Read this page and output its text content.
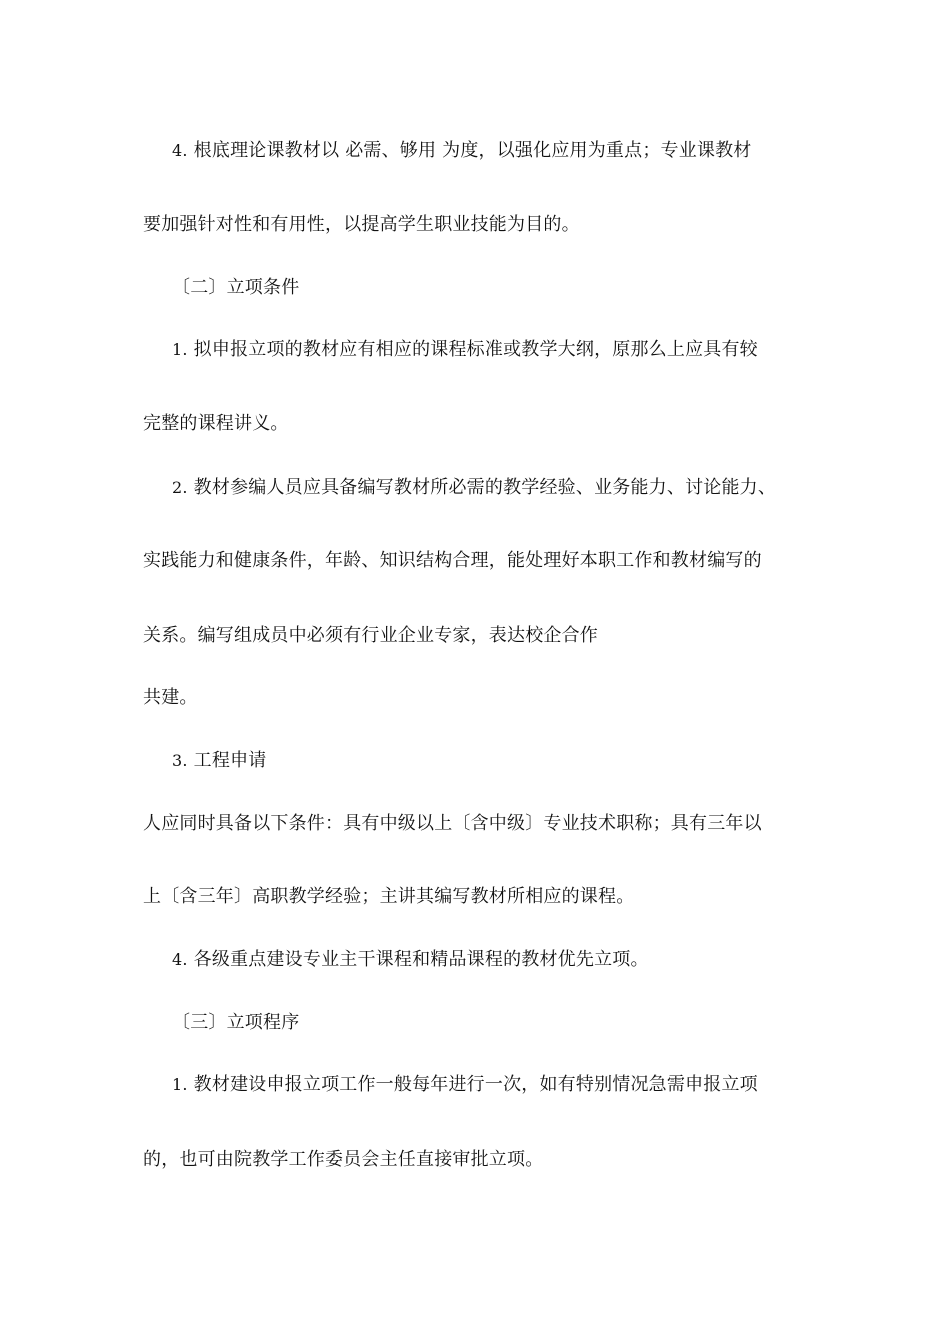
4. 根底理论课教材以 必需、够用 为度，以强化应用为重点；专业课教材
要加强针对性和有用性，以提高学生职业技能为目的。
〔二〕立项条件
1. 拟申报立项的教材应有相应的课程标准或教学大纲，原那么上应具有较
完整的课程讲义。
2. 教材参编人员应具备编写教材所必需的教学经验、业务能力、讨论能力、
实践能力和健康条件，年龄、知识结构合理，能处理好本职工作和教材编写的
关系。编写组成员中必须有行业企业专家，表达校企合作
共建。
3. 工程申请
人应同时具备以下条件：具有中级以上〔含中级〕专业技术职称；具有三年以
上〔含三年〕高职教学经验；主讲其编写教材所相应的课程。
4. 各级重点建设专业主干课程和精品课程的教材优先立项。
〔三〕立项程序
1. 教材建设申报立项工作一般每年进行一次，如有特别情况急需申报立项
的，也可由院教学工作委员会主任直接审批立项。
